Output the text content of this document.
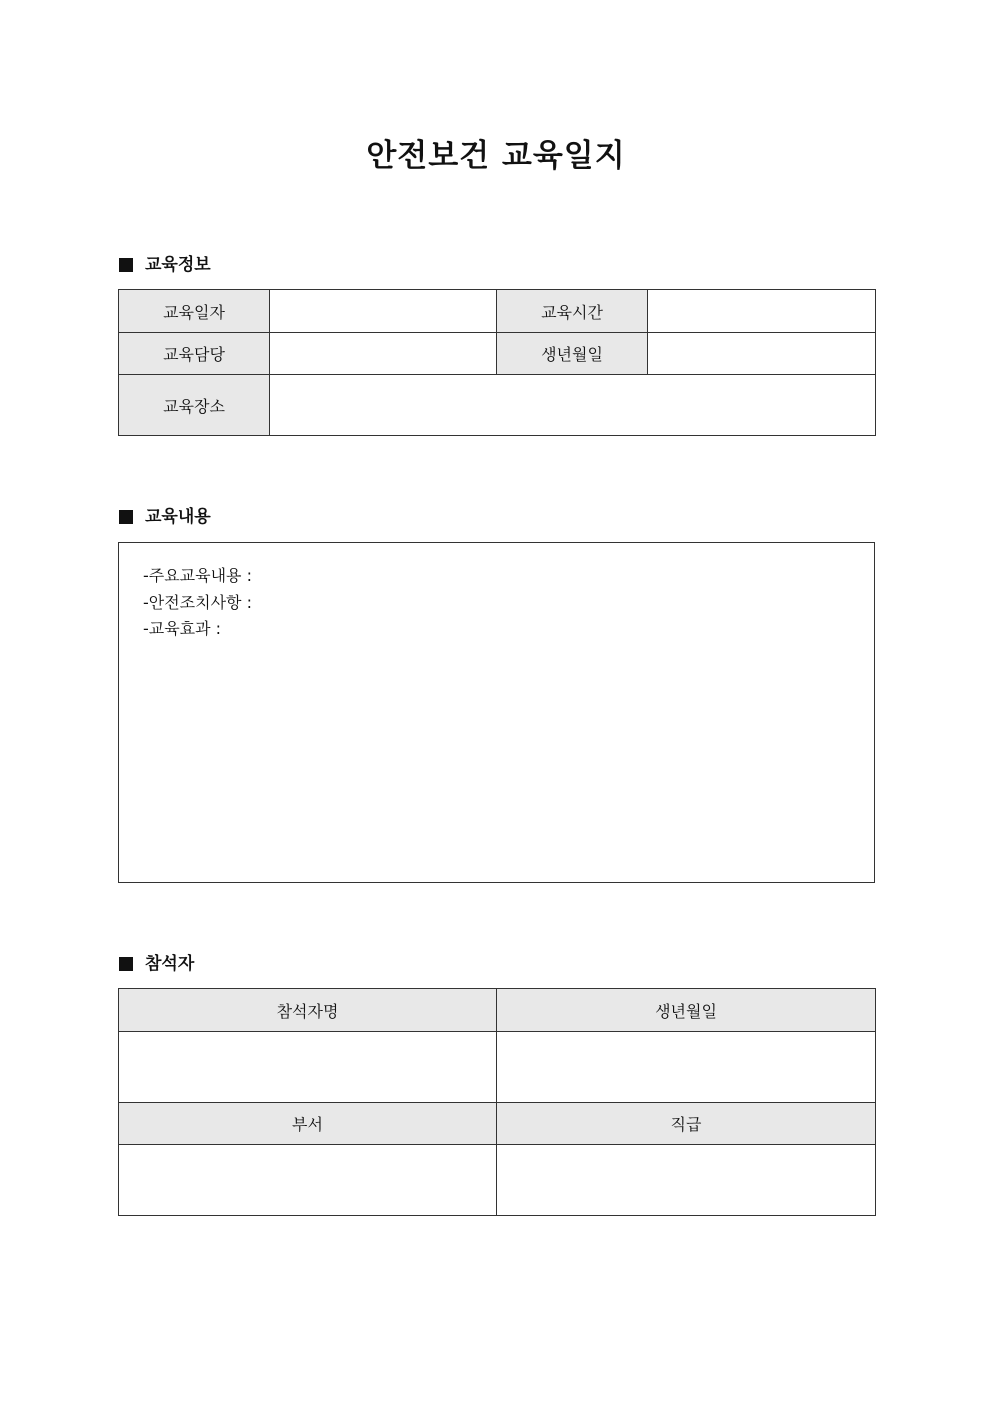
안전보건 교육일지
교육정보
교육일자		교육시간	
교육담당		생년월일	
교육장소			
교육내용
-주요교육내용 :
-안전조치사항 :
-교육효과 :
참석자
참석자명	생년월일

부서	직급
